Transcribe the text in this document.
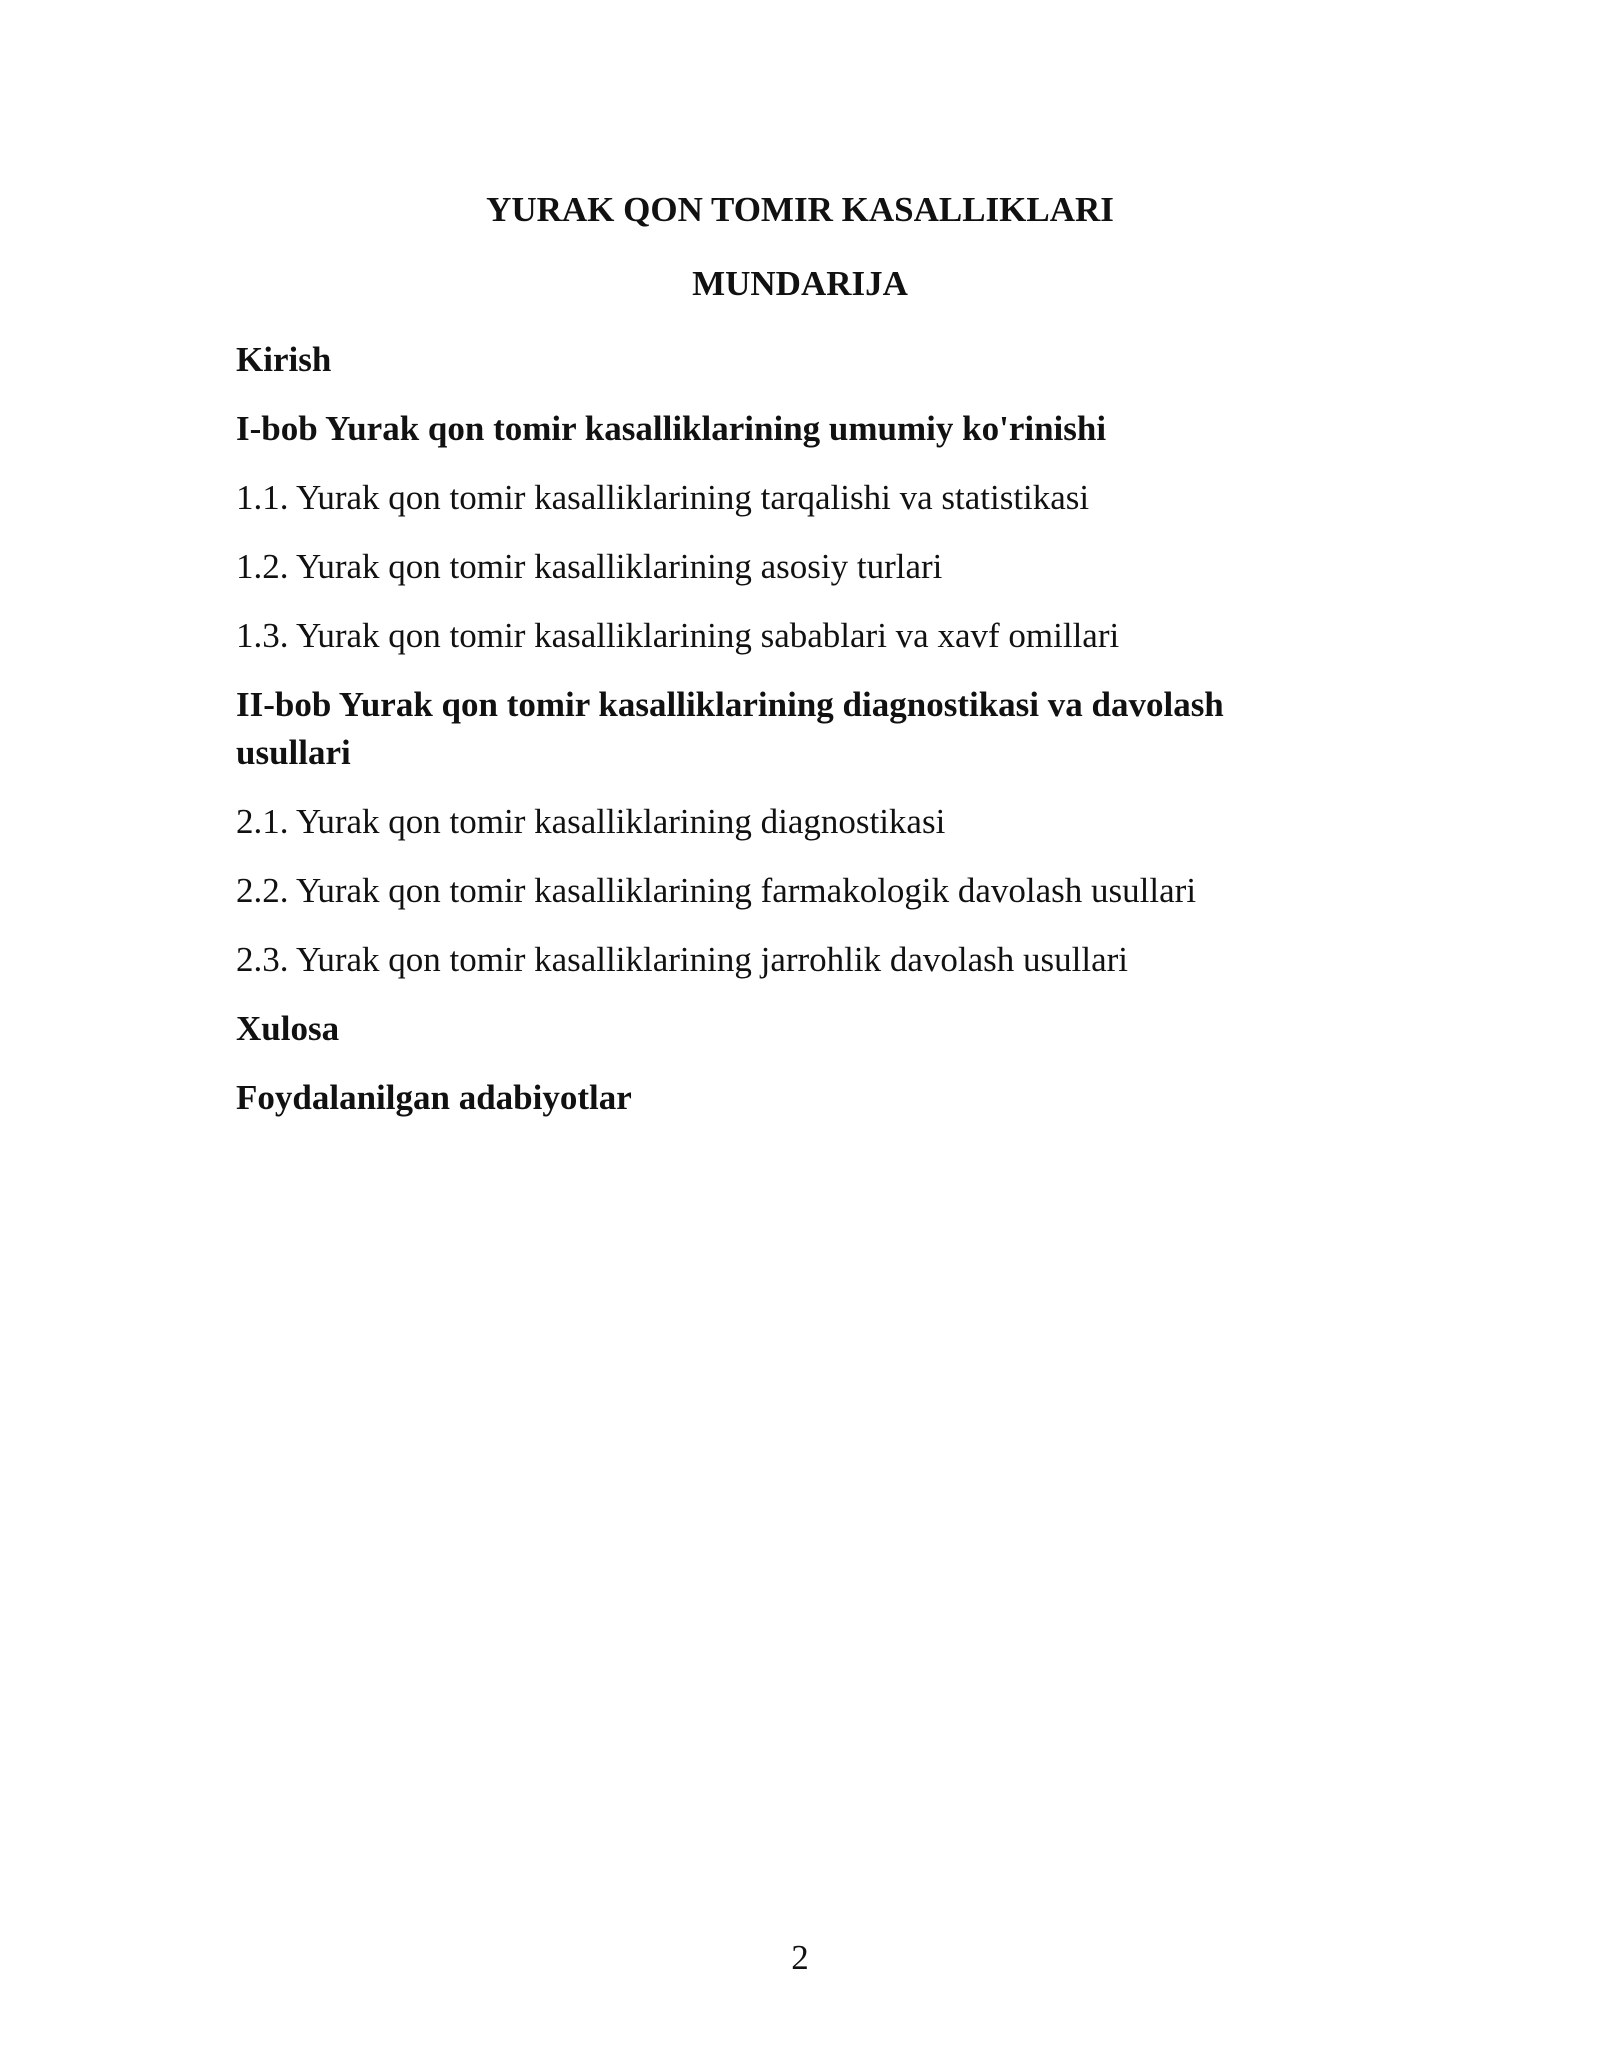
YURAK QON TOMIR KASALLIKLARI
MUNDARIJA
Kirish
I-bob Yurak qon tomir kasalliklarining umumiy ko'rinishi
1.1. Yurak qon tomir kasalliklarining tarqalishi va statistikasi
1.2. Yurak qon tomir kasalliklarining asosiy turlari
1.3. Yurak qon tomir kasalliklarining sabablari va xavf omillari
II-bob Yurak qon tomir kasalliklarining diagnostikasi va davolash usullari
2.1. Yurak qon tomir kasalliklarining diagnostikasi
2.2. Yurak qon tomir kasalliklarining farmakologik davolash usullari
2.3. Yurak qon tomir kasalliklarining jarrohlik davolash usullari
Xulosa
Foydalanilgan adabiyotlar
2
